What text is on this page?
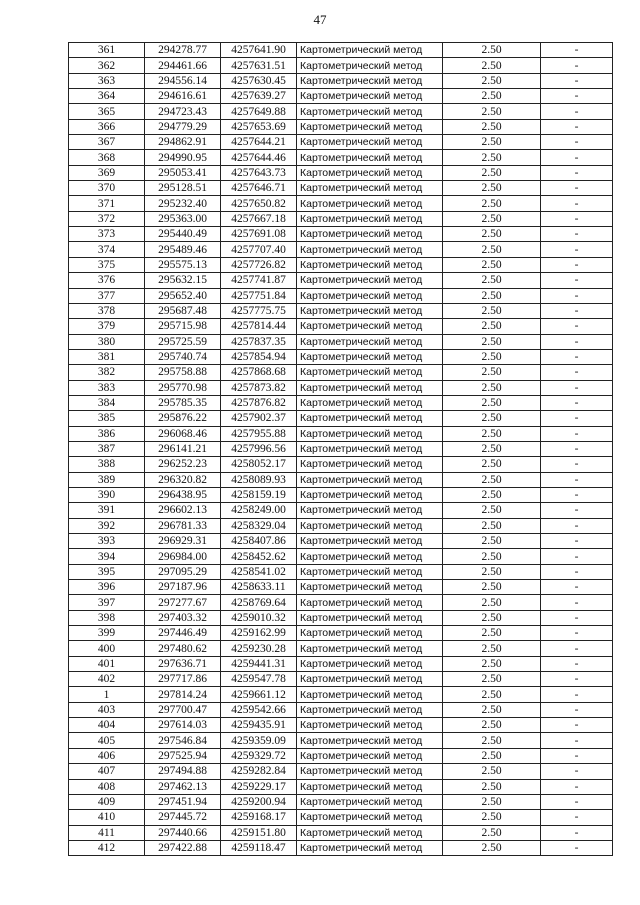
47
361	294278.77	4257641.90	Картометрический метод	2.50	-
362	294461.66	4257631.51	Картометрический метод	2.50	-
363	294556.14	4257630.45	Картометрический метод	2.50	-
364	294616.61	4257639.27	Картометрический метод	2.50	-
365	294723.43	4257649.88	Картометрический метод	2.50	-
366	294779.29	4257653.69	Картометрический метод	2.50	-
367	294862.91	4257644.21	Картометрический метод	2.50	-
368	294990.95	4257644.46	Картометрический метод	2.50	-
369	295053.41	4257643.73	Картометрический метод	2.50	-
370	295128.51	4257646.71	Картометрический метод	2.50	-
371	295232.40	4257650.82	Картометрический метод	2.50	-
372	295363.00	4257667.18	Картометрический метод	2.50	-
373	295440.49	4257691.08	Картометрический метод	2.50	-
374	295489.46	4257707.40	Картометрический метод	2.50	-
375	295575.13	4257726.82	Картометрический метод	2.50	-
376	295632.15	4257741.87	Картометрический метод	2.50	-
377	295652.40	4257751.84	Картометрический метод	2.50	-
378	295687.48	4257775.75	Картометрический метод	2.50	-
379	295715.98	4257814.44	Картометрический метод	2.50	-
380	295725.59	4257837.35	Картометрический метод	2.50	-
381	295740.74	4257854.94	Картометрический метод	2.50	-
382	295758.88	4257868.68	Картометрический метод	2.50	-
383	295770.98	4257873.82	Картометрический метод	2.50	-
384	295785.35	4257876.82	Картометрический метод	2.50	-
385	295876.22	4257902.37	Картометрический метод	2.50	-
386	296068.46	4257955.88	Картометрический метод	2.50	-
387	296141.21	4257996.56	Картометрический метод	2.50	-
388	296252.23	4258052.17	Картометрический метод	2.50	-
389	296320.82	4258089.93	Картометрический метод	2.50	-
390	296438.95	4258159.19	Картометрический метод	2.50	-
391	296602.13	4258249.00	Картометрический метод	2.50	-
392	296781.33	4258329.04	Картометрический метод	2.50	-
393	296929.31	4258407.86	Картометрический метод	2.50	-
394	296984.00	4258452.62	Картометрический метод	2.50	-
395	297095.29	4258541.02	Картометрический метод	2.50	-
396	297187.96	4258633.11	Картометрический метод	2.50	-
397	297277.67	4258769.64	Картометрический метод	2.50	-
398	297403.32	4259010.32	Картометрический метод	2.50	-
399	297446.49	4259162.99	Картометрический метод	2.50	-
400	297480.62	4259230.28	Картометрический метод	2.50	-
401	297636.71	4259441.31	Картометрический метод	2.50	-
402	297717.86	4259547.78	Картометрический метод	2.50	-
1	297814.24	4259661.12	Картометрический метод	2.50	-
403	297700.47	4259542.66	Картометрический метод	2.50	-
404	297614.03	4259435.91	Картометрический метод	2.50	-
405	297546.84	4259359.09	Картометрический метод	2.50	-
406	297525.94	4259329.72	Картометрический метод	2.50	-
407	297494.88	4259282.84	Картометрический метод	2.50	-
408	297462.13	4259229.17	Картометрический метод	2.50	-
409	297451.94	4259200.94	Картометрический метод	2.50	-
410	297445.72	4259168.17	Картометрический метод	2.50	-
411	297440.66	4259151.80	Картометрический метод	2.50	-
412	297422.88	4259118.47	Картометрический метод	2.50	-
